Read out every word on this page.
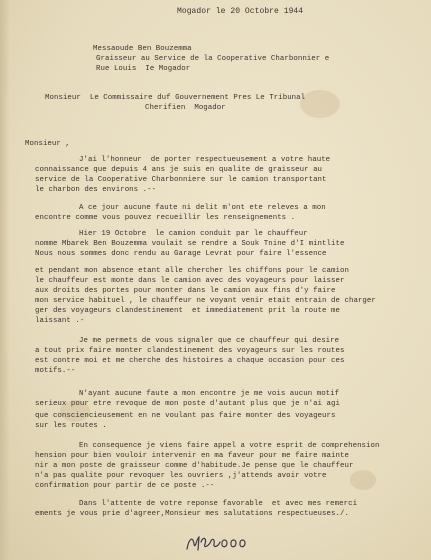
Mogador le 20 Octobre 1944
Messaoude Ben Bouzemma
Graisseur au Service de la Cooperative Charbonnier e
Rue Louis  Ie Mogador
Monsieur  Le Commissaire duf Gouvernement Pres Le Tribunal
Cherifien  Mogador
Monsieur ,
J'ai l'honneur  de porter respectueusement a votre haute
connaissance que depuis 4 ans je suis en qualite de graisseur au
service de la Cooperative Charbonniere sur le camion transportant
le charbon des environs .--
A ce jour aucune faute ni delit m'ont ete releves a mon
encontre comme vous pouvez recueillir les renseignements .
Hier 19 Octobre  le camion conduit par le chauffeur
nomme Mbarek Ben Bouzemma voulait se rendre a Souk Tnine d'I mintlite
Nous nous sommes donc rendu au Garage Levrat pour faire l'essence
et pendant mon absence etant alle chercher les chiffons pour le camion
le chauffeur est monte dans le camion avec des voyageurs pour laisser
aux droits des portes pour monter dans le camion aux fins d'y faire
mon service habituel , le chauffeur ne voyant venir etait entrain de charger
ger des voyageurs clandestinement  et immediatement prit la route me
laissant .-
Je me permets de vous signaler que ce chauffeur qui desire
a tout prix faire monter clandestinement des voyageurs sur les routes
est contre moi et me cherche des histoires a chaque occasion pour ces
motifs.--
N'ayant aucune faute a mon encontre je me vois aucun motif
serieux pour etre revoque de mon poste d'autant plus que je n'ai agi
que consciencieusement en ne voulant pas faire monter des voyageurs
sur les routes .
En consequence je viens faire appel a votre esprit de comprehension
hension pour bien vouloir intervenir en ma faveur pour me faire mainte
nir a mon poste de graisseur comme d'habitude.Je pense que le chauffeur
n'a pas qualite pour revoquer les ouvriers ,j'attends avoir votre
confirmation pour partir de ce poste .--
Dans l'attente de votre reponse favorable  et avec mes remerci
ements je vous prie d'agreer,Monsieur mes salutations respectueuses./.
